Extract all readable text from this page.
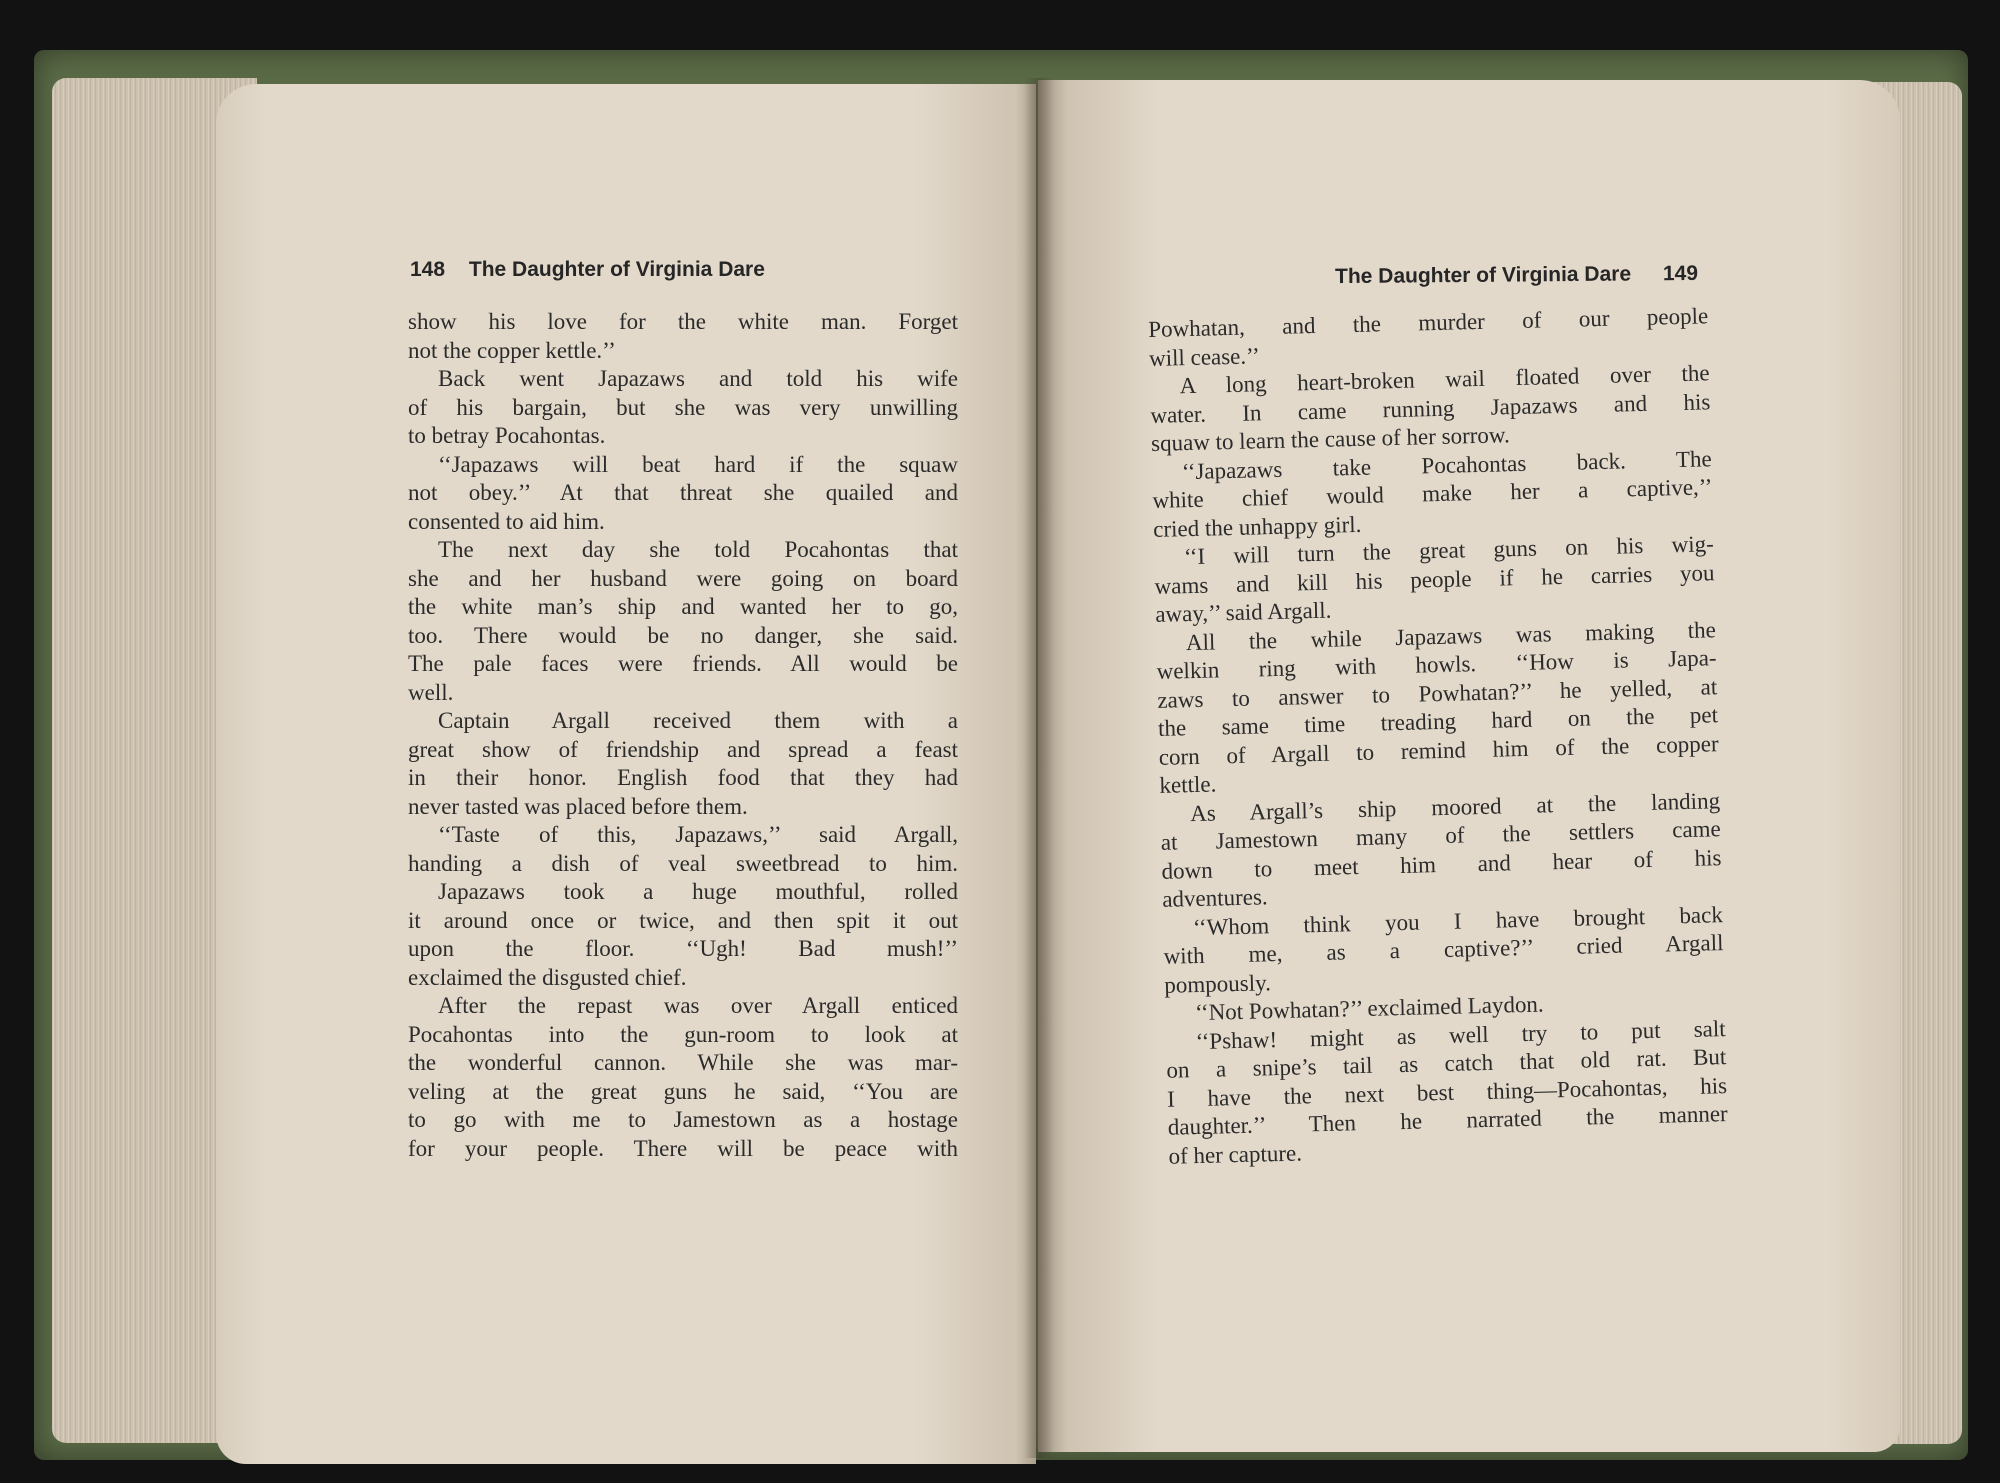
148 The Daughter of Virginia Dare	The Daughter of Virginia Dare 149
show his love for the white man. Forget
not the copper kettle.’’
Back went Japazaws and told his wife
of his bargain, but she was very unwilling
to betray Pocahontas.
‘‘Japazaws will beat hard if the squaw
not obey.’’ At that threat she quailed and
consented to aid him.
The next day she told Pocahontas that
she and her husband were going on board
the white man’s ship and wanted her to go,
too. There would be no danger, she said.
The pale faces were friends. All would be
well.
Captain Argall received them with a
great show of friendship and spread a feast
in their honor. English food that they had
never tasted was placed before them.
‘‘Taste of this, Japazaws,’’ said Argall,
handing a dish of veal sweetbread to him.
Japazaws took a huge mouthful, rolled
it around once or twice, and then spit it out
upon the floor. ‘‘Ugh! Bad mush!’’
exclaimed the disgusted chief.
After the repast was over Argall enticed
Pocahontas into the gun-room to look at
the wonderful cannon. While she was mar-
veling at the great guns he said, ‘‘You are
to go with me to Jamestown as a hostage
for your people. There will be peace with
Powhatan, and the murder of our people
will cease.’’
A long heart-broken wail floated over the
water. In came running Japazaws and his
squaw to learn the cause of her sorrow.
‘‘Japazaws take Pocahontas back. The
white chief would make her a captive,’’
cried the unhappy girl.
‘‘I will turn the great guns on his wig-
wams and kill his people if he carries you
away,’’ said Argall.
All the while Japazaws was making the
welkin ring with howls. ‘‘How is Japa-
zaws to answer to Powhatan?’’ he yelled, at
the same time treading hard on the pet
corn of Argall to remind him of the copper
kettle.
As Argall’s ship moored at the landing
at Jamestown many of the settlers came
down to meet him and hear of his
adventures.
‘‘Whom think you I have brought back
with me, as a captive?’’ cried Argall
pompously.
‘‘Not Powhatan?’’ exclaimed Laydon.
‘‘Pshaw! might as well try to put salt
on a snipe’s tail as catch that old rat. But
I have the next best thing—Pocahontas, his
daughter.’’ Then he narrated the manner
of her capture.
